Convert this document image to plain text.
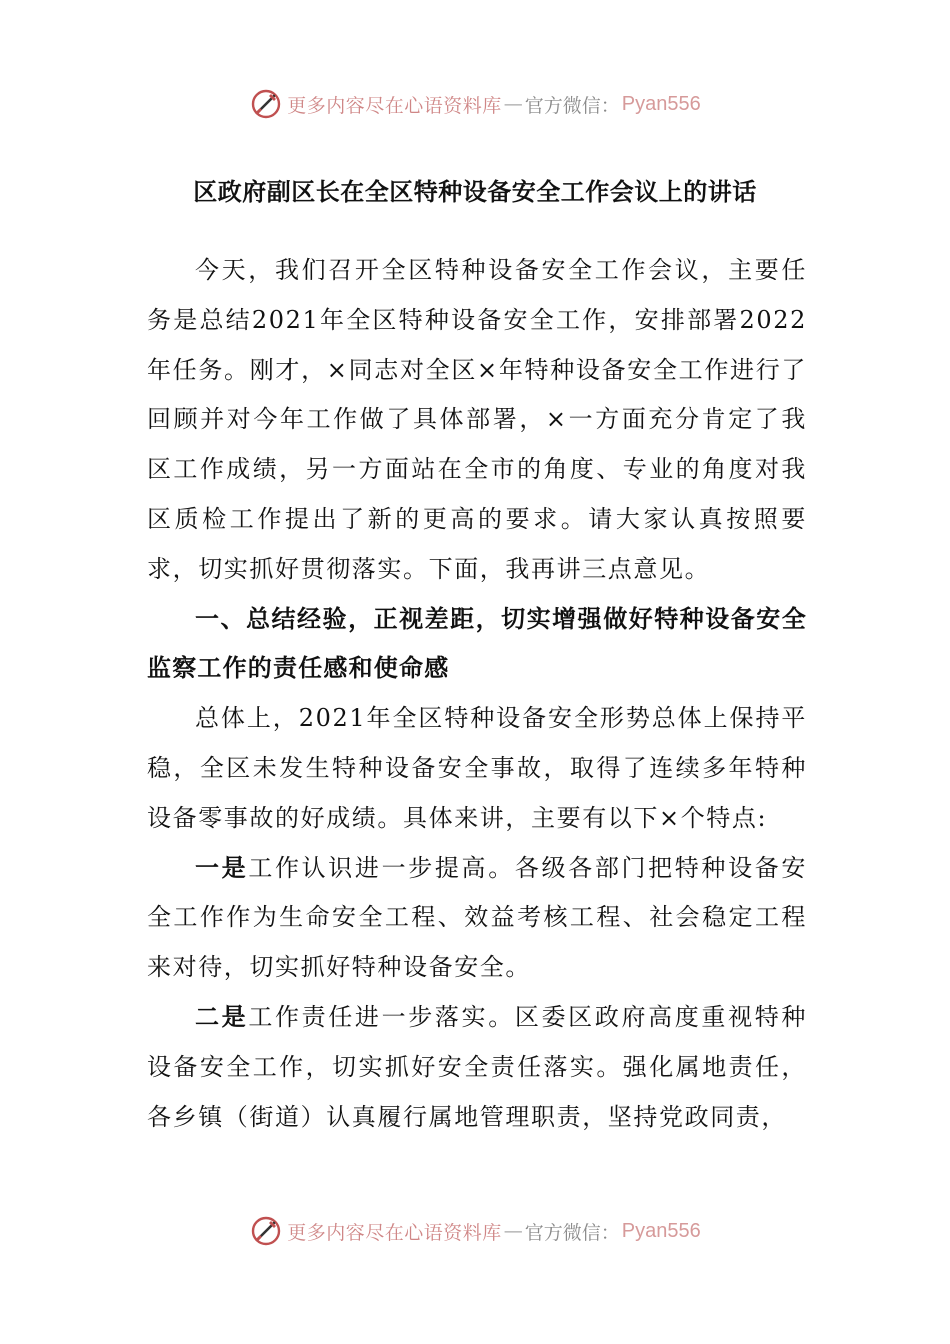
更多内容尽在心语资料库 — 官方微信： Pyan556
区政府副区长在全区特种设备安全工作会议上的讲话

今天，我们召开全区特种设备安全工作会议，主要任务是总结2021年全区特种设备安全工作，安排部署2022年任务。刚才，×同志对全区×年特种设备安全工作进行了回顾并对今年工作做了具体部署，×一方面充分肯定了我区工作成绩，另一方面站在全市的角度、专业的角度对我区质检工作提出了新的更高的要求。请大家认真按照要求，切实抓好贯彻落实。下面，我再讲三点意见。

一、总结经验，正视差距，切实增强做好特种设备安全监察工作的责任感和使命感

总体上，2021年全区特种设备安全形势总体上保持平稳，全区未发生特种设备安全事故，取得了连续多年特种设备零事故的好成绩。具体来讲，主要有以下×个特点:

一是工作认识进一步提高。各级各部门把特种设备安全工作作为生命安全工程、效益考核工程、社会稳定工程来对待，切实抓好特种设备安全。

二是工作责任进一步落实。区委区政府高度重视特种设备安全工作，切实抓好安全责任落实。强化属地责任，各乡镇（街道）认真履行属地管理职责，坚持党政同责，

更多内容尽在心语资料库 — 官方微信： Pyan556
